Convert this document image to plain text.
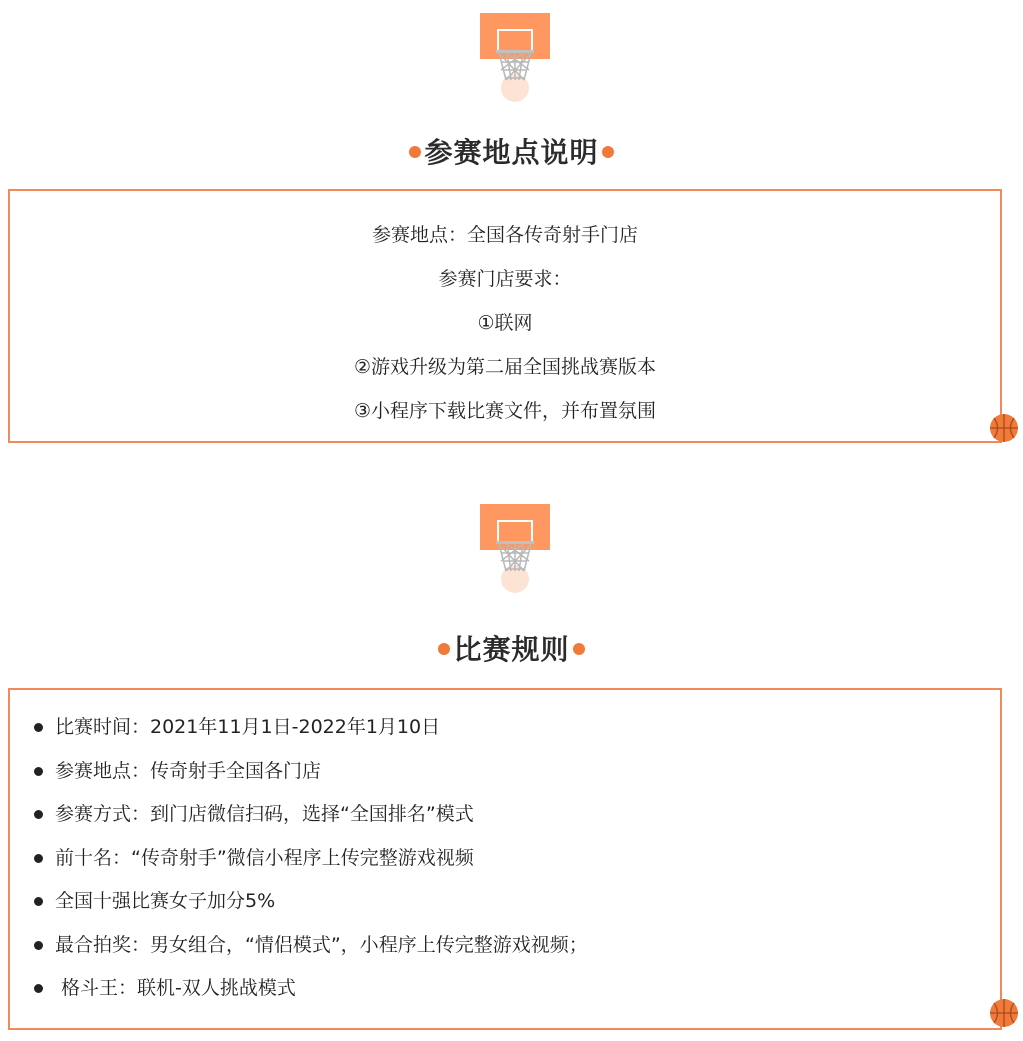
参赛地点说明
参赛地点：全国各传奇射手门店
参赛门店要求：
①联网
②游戏升级为第二届全国挑战赛版本
③小程序下载比赛文件，并布置氛围
比赛规则
比赛时间：2021年11月1日-2022年1月10日
参赛地点：传奇射手全国各门店
参赛方式：到门店微信扫码，选择“全国排名”模式
前十名：“传奇射手”微信小程序上传完整游戏视频
全国十强比赛女子加分5%
最合拍奖：男女组合，“情侣模式”，小程序上传完整游戏视频；
格斗王：联机-双人挑战模式
